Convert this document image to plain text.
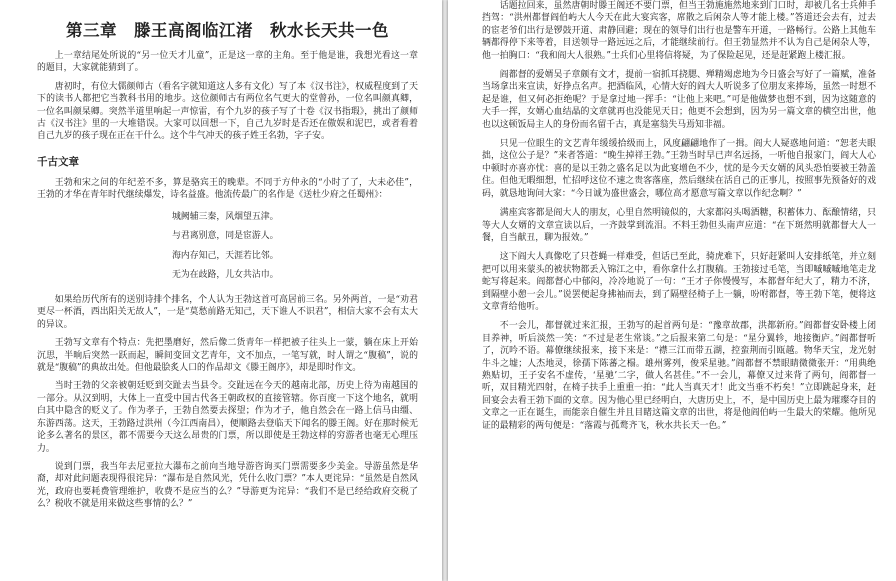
第三章　滕王高阁临江渚　秋水长天共一色

上一章结尾处所说的“另一位天才儿童”，正是这一章的主角。至于他是谁，我想光看这一章的题目，大家就能猜到了。

唐初时，有位大儒颜师古（看名字就知道这人多有文化）写了本《汉书注》，权威程度到了天下的读书人都把它当教科书用的地步。这位颜师古有两位名气更大的堂曾孙，一位名叫颜真卿，一位名叫颜杲卿。突然半道里响起一声惊雷，有个九岁的孩子写了十卷《汉书指瑕》，挑出了颜师古《汉书注》里的一大堆错误。大家可以回想一下，自己九岁时是否还在傲娱和泥巴，或者看着自己九岁的孩子现在正在干什么。这个牛气冲天的孩子姓王名勃，字子安。

千古文章

王勃和宋之问的年纪差不多，算是骆宾王的晚辈。不同于方仲永的“小时了了，大未必佳”，王勃的才华在青年时代继续爆发，诗名益盛。他流传最广的名作是《送杜少府之任蜀州》：

城阙辅三秦，风烟望五津。
与君离别意，同是宦游人。
海内存知己，天涯若比邻。
无为在歧路，儿女共沾巾。

如果给历代所有的送别诗排个排名，个人认为王勃这首可高居前三名。另外两首，一是“劝君更尽一杯酒，西出阳关无故人”，一是“莫愁前路无知己，天下谁人不识君”，相信大家不会有太大的异议。

王勃写文章有个特点：先把墨磨好，然后像二货青年一样把被子往头上一蒙，躺在床上开始沉思，半晌后突然一跃而起，瞬间变回文艺青年，文不加点，一笔写就，时人谓之“腹稿”，说的就是“腹稿”的典故出处。但他最脍炙人口的作品却文《滕王阁序》，却是即时作文。

当时王勃的父亲被朝廷贬到交趾去当县令。交趾远在今天的越南北部，历史上待为南越国的一部分。从汉到明，大体上一直受中国古代各王朝政权的直接管辖。你百度一下这个地名，就明白其中隐含的贬义了。作为孝子，王勃自然要去探望；作为才子，他自然会在一路上信马由缰、东游西荡。这天，王勃路过洪州（今江西南昌），便顺路去登临天下闻名的滕王阁。好在那时候无论多么著名的景区，都不需要今天这么昂贵的门票，所以即使是王勃这样的穷游者也毫无心理压力。

说到门票，我当年去尼亚拉大瀑布之前向当地导游咨询买门票需要多少美金。导游虽然是华裔，却对此问题表现得很诧异：“瀑布是自然风光，凭什么收门票？”本人更诧异：“虽然是自然风光，政府也要耗费管理维护，收费不是应当的么？”导游更为诧异：“我们不是已经给政府交税了么？税收不就是用来做这些事情的么？”

话题拉回来，虽然唐朝时滕王阁还不要门票，但当王勃施施然地来到门口时，却被几名士兵伸手挡驾：“洪州都督阎伯屿大人今天在此大宴宾客，席散之后闲杂人等才能上楼。”答道还会去有，过去的宦老爷们出行是锣鼓开道、肃静回避；现在的领导们出行也是警车开道，一路畅行。公路上其他车辆都得停下来等着，目送领导一路远远之后，才能继续前行。但王勃显然并不认为自己是闲杂人等，他一拍胸口：“我和阎大人很熟。”士兵们心里将信将疑，为了保险起见，还是赶紧跑上楼汇报。

阎都督的爱婿吴子章颇有文才，提前一宿抓耳挠腮、殚精竭虑地为今日盛会写好了一篇赋，准备当场拿出来宣读，好挣点名声。把酒临风，心情大好的阎大人听说多了位朋友来捧场，虽然一时想不起是谁，但又何必拒绝呢？于是拿过地一挥手：“让他上来吧。”可是他做梦也想不到，因为这随意的大手一挥，女婿心血结晶的文章就再也没能见天日；他更不会想到，因为另一篇文章的横空出世，他也以这顿饭局主人的身份而名留千古，真是塞翁失马焉知非福。

只见一位眼生的文艺青年缓缓拾级而上，风度翩翩地作了一揖。阎大人疑惑地问道：“恕老夫眼拙，这位公子是？”来者答道：“晚生掉祥王勃。”王勃当时早已声名远扬，一听他自报家门，阎大人心中顿时亦喜亦忧：喜的是以王勃之盛名足以为此宴增色不少，忧的是今天女婿的风头恐怕要被王勃盖住。但他无暇细想，忙招呼这位不速之贵客落座，然后继续在活自己的正事儿，按照事先预备好的戏码，就恳地询问大家：“今日诚为盛世盛会，哪位高才愿意写篇文章以作纪念啊？”

满座宾客都是阎大人的朋友，心里自然明镜似的，大家都闷头喝酒糖，积蓄体力、酝酿情绪，只等大人女婿的文章宣读以后，一齐鼓掌到流泪。不料王勃但头南声应道：“在下斑然明就都督大人一餐，自当献丑，聊为报效。”

这下阎大人真像吃了只苍蝇一样难受，但话已至此，骑虎难下，只好赶紧叫人安排纸笔，并立刻把可以用来蒙头的被状物都丢入锦江之中，看你拿什么打腹稿。王勃接过毛笔，当即嘁嘁嘁地笔走龙蛇写将起来。阎都督心中郁闷，冷冷地说了一句：“王才子你慢慢写，本都督年纪大了，精力不济，到隔壁小憩一会儿。”说罢便起身拂袖而去，到了隔壁径椅子上一躺，吩咐都督，等王勃下笔，便将这文章背给他听。

不一会儿，都督就过来汇报，王勃写的起首两句是：“豫章故郡，洪都新府。”阎都督安卧楼上闭目养神，听后淡然一笑：“不过是老生常谈。”之后报来第二句是：“星分翼轸，地接衡庐。”阎都督听了，沉吟不语。幕僚继续报来，接下来是：“襟三江而带五湖，控蛮荆而引瓯越。物华天宝，龙光射牛斗之墟；人杰地灵，徐孺下陈蕃之榻。雄州雾列，俊采星驰。”阎都督不禁眼睛微微张开：“用典绝熟贴切，王子安名不虚传，‘星驰’二字，做人名甚佳。”不一会儿，幕僚又过来背了两句，阎都督一听，双目精光四射，在椅子扶手上重重一拍：“此人当真天才！此文当垂不朽矣！”立即跳起身来，赶回宴会去看王勃下面的文章。因为他心里已经明白，大唐历史上，不，是中国历史上最为璀璨夺目的文章之一正在诞生，而能亲自催生并且目睹这篇文章的出世，将是他阎伯屿一生最大的荣耀。他所见证的最精彩的两句便是：“落霞与孤鹜齐飞，秋水共长天一色。”
